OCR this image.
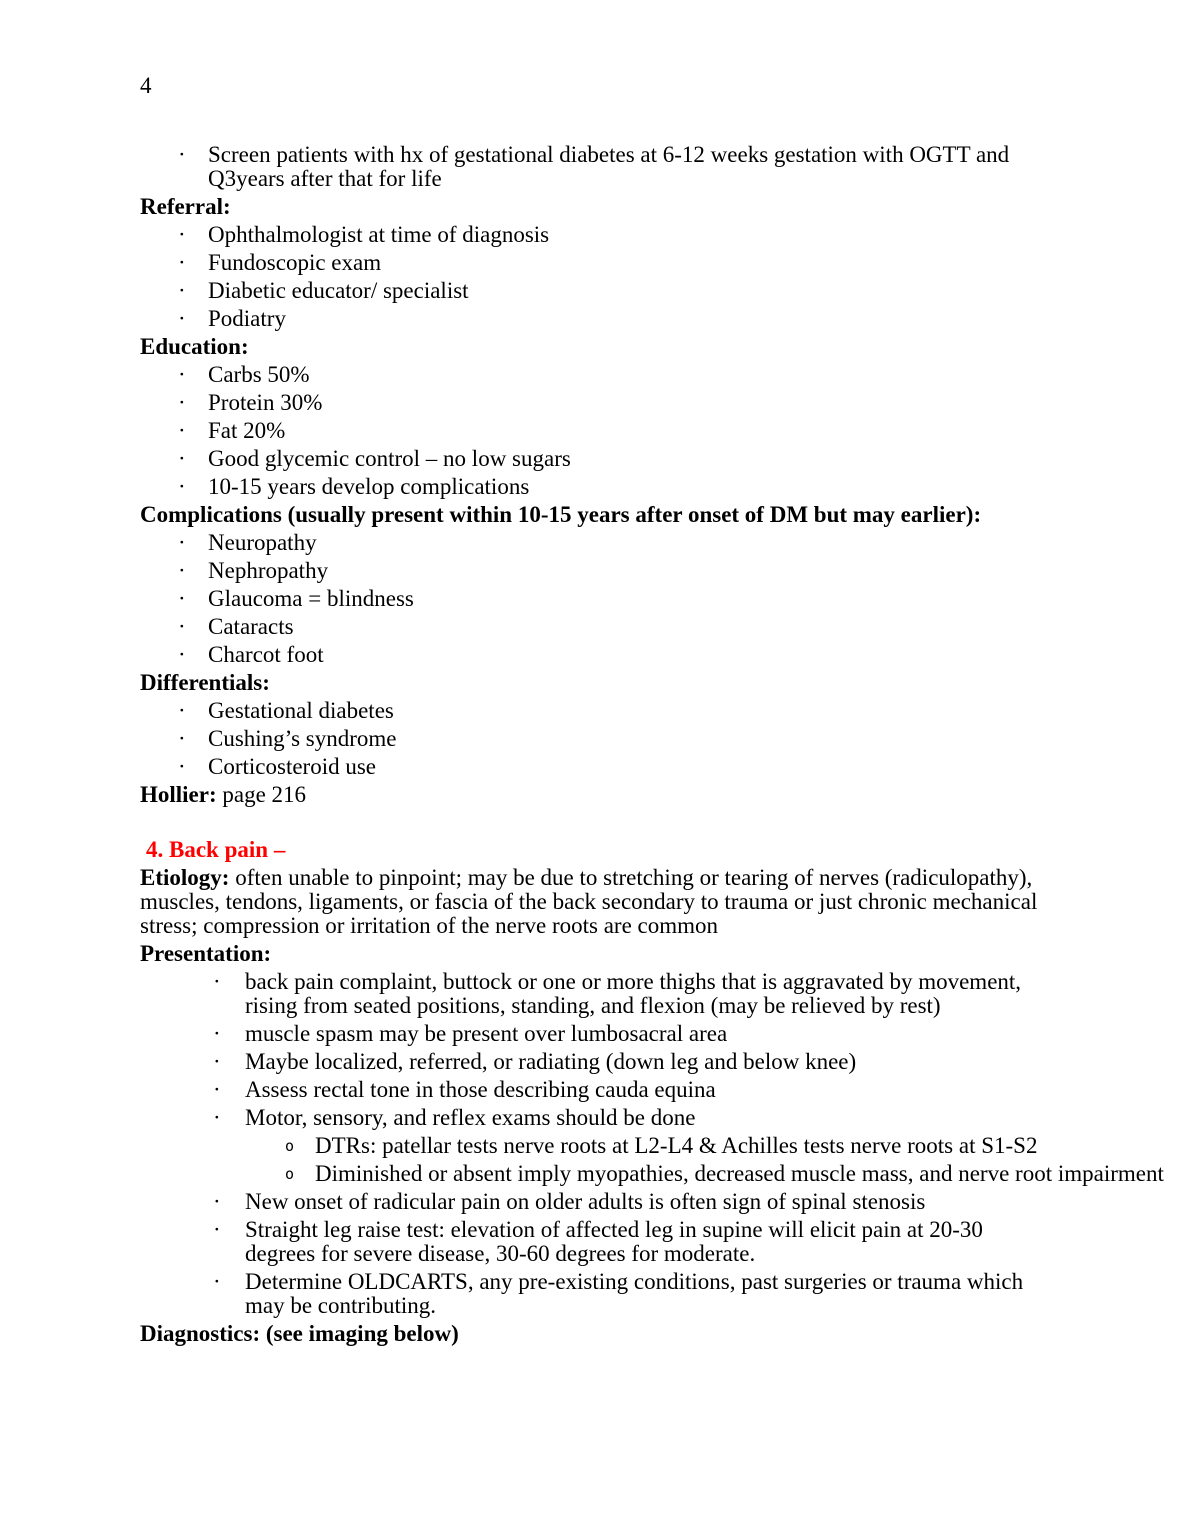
4
· Screen patients with hx of gestational diabetes at 6-12 weeks gestation with OGTT and Q3years after that for life
Referral:
· Ophthalmologist at time of diagnosis
· Fundoscopic exam
· Diabetic educator/ specialist
· Podiatry
Education:
· Carbs 50%
· Protein 30%
· Fat 20%
· Good glycemic control – no low sugars
· 10-15 years develop complications
Complications (usually present within 10-15 years after onset of DM but may earlier):
· Neuropathy
· Nephropathy
· Glaucoma = blindness
· Cataracts
· Charcot foot
Differentials:
· Gestational diabetes
· Cushing’s syndrome
· Corticosteroid use
Hollier: page 216
4. Back pain –
Etiology: often unable to pinpoint; may be due to stretching or tearing of nerves (radiculopathy), muscles, tendons, ligaments, or fascia of the back secondary to trauma or just chronic mechanical stress; compression or irritation of the nerve roots are common
Presentation:
· back pain complaint, buttock or one or more thighs that is aggravated by movement, rising from seated positions, standing, and flexion (may be relieved by rest)
· muscle spasm may be present over lumbosacral area
· Maybe localized, referred, or radiating (down leg and below knee)
· Assess rectal tone in those describing cauda equina
· Motor, sensory, and reflex exams should be done
o DTRs: patellar tests nerve roots at L2-L4 & Achilles tests nerve roots at S1-S2
o Diminished or absent imply myopathies, decreased muscle mass, and nerve root impairment
· New onset of radicular pain on older adults is often sign of spinal stenosis
· Straight leg raise test: elevation of affected leg in supine will elicit pain at 20-30 degrees for severe disease, 30-60 degrees for moderate.
· Determine OLDCARTS, any pre-existing conditions, past surgeries or trauma which may be contributing.
Diagnostics: (see imaging below)
